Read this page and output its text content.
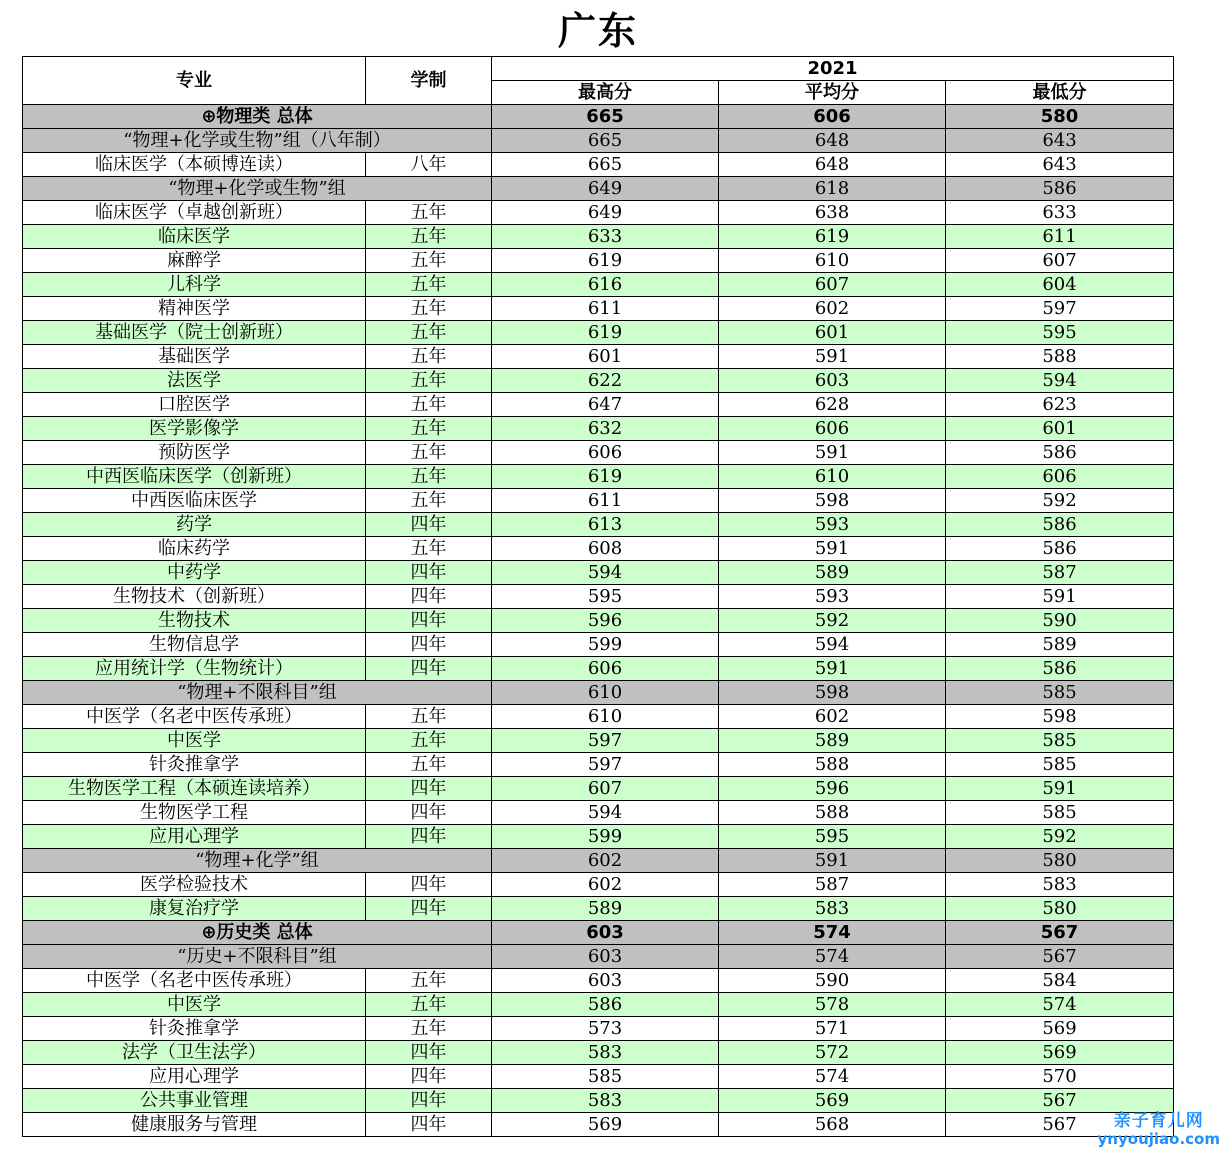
广东
专业	学制	2021		
		最高分	平均分	最低分
⊕物理类 总体		665	606	580
“物理+化学或生物”组（八年制）		665	648	643
临床医学（本硕博连读）	八年	665	648	643
“物理+化学或生物”组		649	618	586
临床医学（卓越创新班）	五年	649	638	633
临床医学	五年	633	619	611
麻醉学	五年	619	610	607
儿科学	五年	616	607	604
精神医学	五年	611	602	597
基础医学（院士创新班）	五年	619	601	595
基础医学	五年	601	591	588
法医学	五年	622	603	594
口腔医学	五年	647	628	623
医学影像学	五年	632	606	601
预防医学	五年	606	591	586
中西医临床医学（创新班）	五年	619	610	606
中西医临床医学	五年	611	598	592
药学	四年	613	593	586
临床药学	五年	608	591	586
中药学	四年	594	589	587
生物技术（创新班）	四年	595	593	591
生物技术	四年	596	592	590
生物信息学	四年	599	594	589
应用统计学（生物统计）	四年	606	591	586
“物理+不限科目”组		610	598	585
中医学（名老中医传承班）	五年	610	602	598
中医学	五年	597	589	585
针灸推拿学	五年	597	588	585
生物医学工程（本硕连读培养）	四年	607	596	591
生物医学工程	四年	594	588	585
应用心理学	四年	599	595	592
“物理+化学”组		602	591	580
医学检验技术	四年	602	587	583
康复治疗学	四年	589	583	580
⊕历史类 总体		603	574	567
“历史+不限科目”组		603	574	567
中医学（名老中医传承班）	五年	603	590	584
中医学	五年	586	578	574
针灸推拿学	五年	573	571	569
法学（卫生法学）	四年	583	572	569
应用心理学	四年	585	574	570
公共事业管理	四年	583	569	567
健康服务与管理	四年	569	568	567	亲子育儿网
ynyoujiao.com
